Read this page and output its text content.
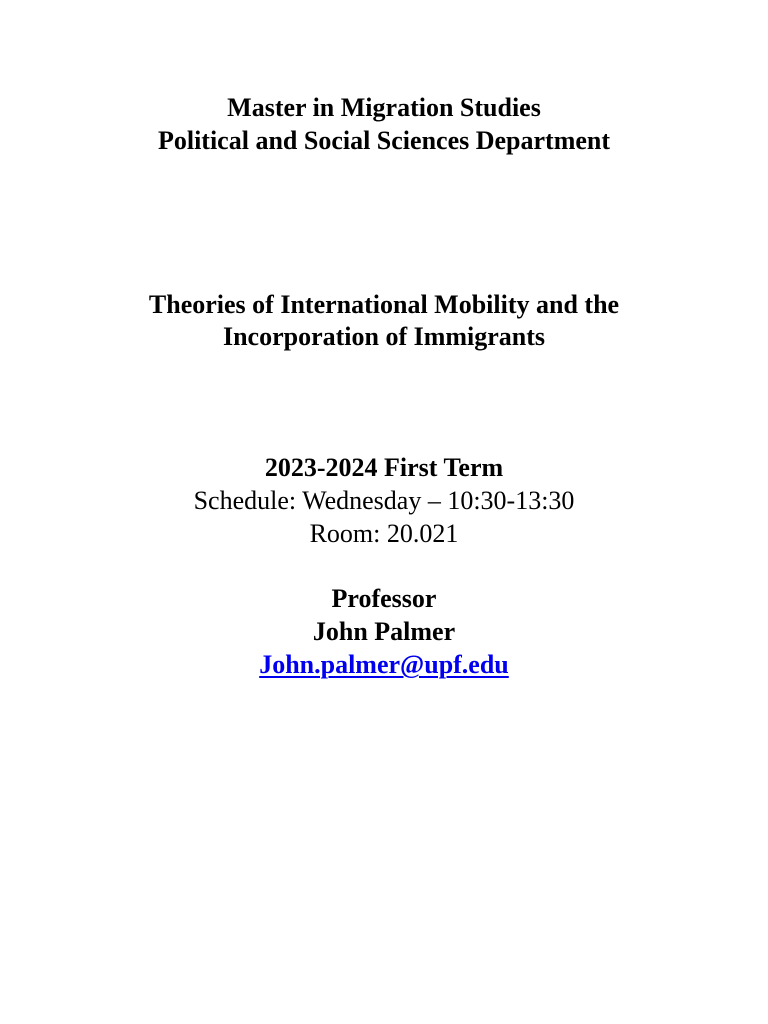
Master in Migration Studies
Political and Social Sciences Department
Theories of International Mobility and the
Incorporation of Immigrants
2023-2024 First Term
Schedule: Wednesday – 10:30-13:30
Room: 20.021
Professor
John Palmer
John.palmer@upf.edu
